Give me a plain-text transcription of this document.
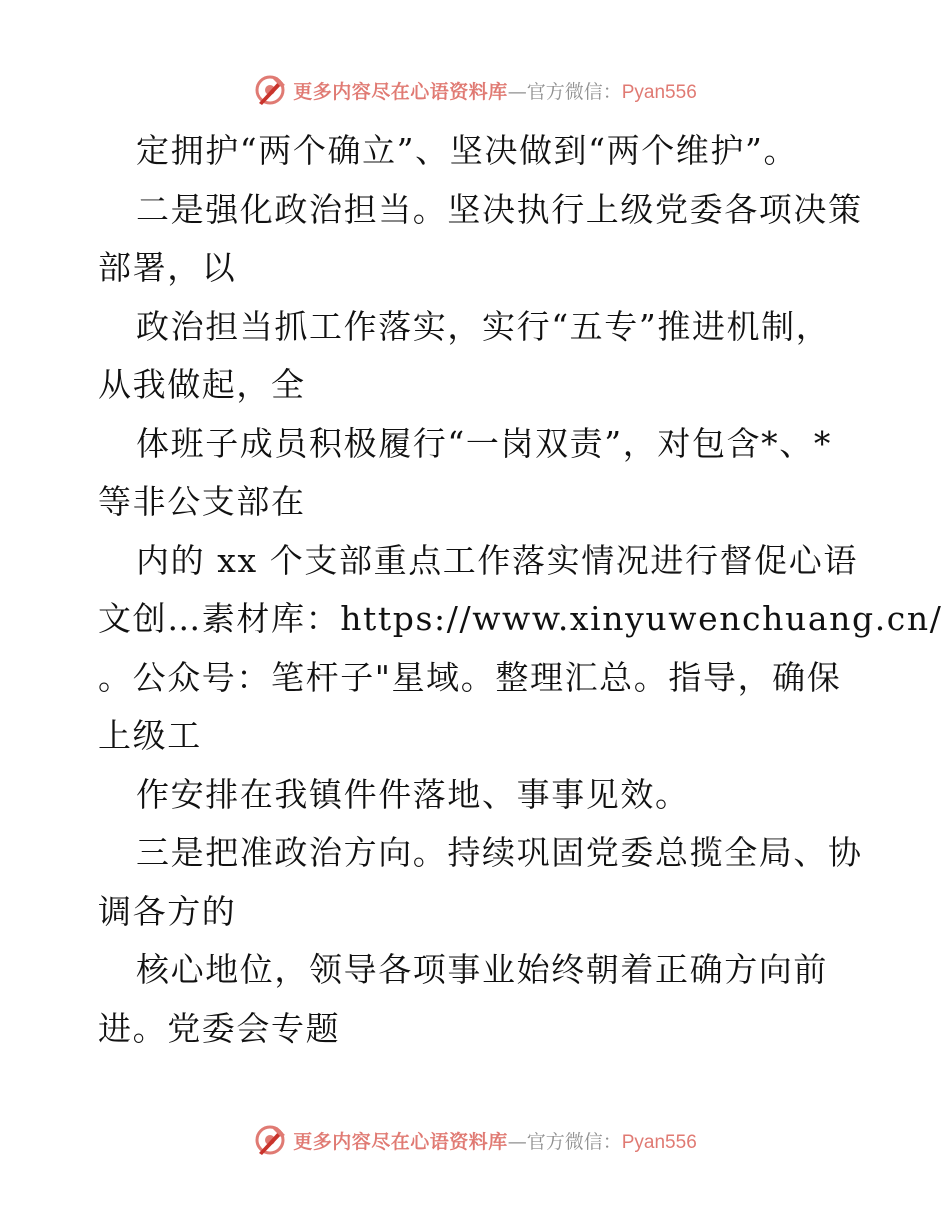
更多内容尽在心语资料库 —官方微信： Pyan556
定拥护“两个确立”、坚决做到“两个维护”。
二是强化政治担当。坚决执行上级党委各项决策
部署，以
政治担当抓工作落实，实行“五专”推进机制，
从我做起，全
体班子成员积极履行“一岗双责”，对包含*、*
等非公支部在
内的 xx 个支部重点工作落实情况进行督促心语
文创…素材库：https://www.xinyuwenchuang.cn/
。公众号：笔杆子"星域。整理汇总。指导，确保
上级工
作安排在我镇件件落地、事事见效。
三是把准政治方向。持续巩固党委总揽全局、协
调各方的
核心地位，领导各项事业始终朝着正确方向前
进。党委会专题
更多内容尽在心语资料库 —官方微信： Pyan556
